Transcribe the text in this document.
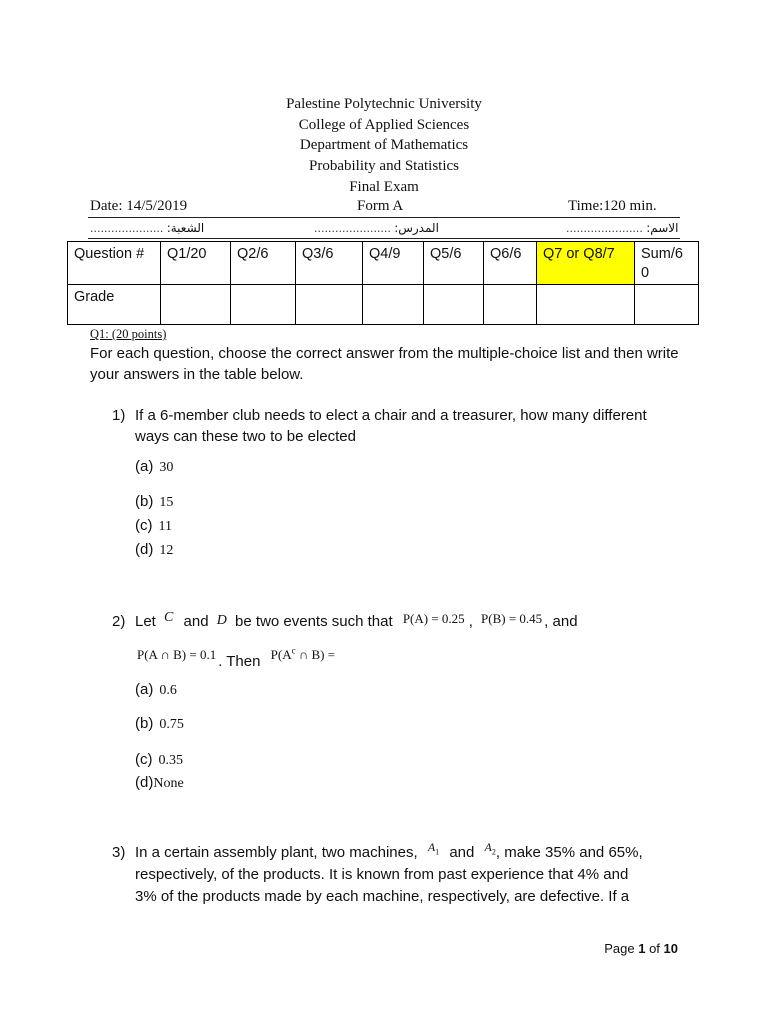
Palestine Polytechnic University
College of Applied Sciences
Department of Mathematics
Probability and Statistics
Final Exam
Date: 14/5/2019	Form A	Time:120 min.
الشعبة: .....................	المدرس: ......................	الاسم: ......................
Question #	Q1/20	Q2/6	Q3/6	Q4/9	Q5/6	Q6/6	Q7 or Q8/7	Sum/6
0
Grade								
Q1: (20 points)
For each question, choose the correct answer from the multiple-choice list and then write your answers in the table below.
1) If a 6-member club needs to elect a chair and a treasurer, how many different ways can these two to be elected
(a) 30
(b) 15
(c) 11
(d) 12
2) Let C and D be two events such that P(A) = 0.25 , P(B) = 0.45 , and
P(A ∩ B) = 0.1 . Then $P(A^c$ ∩ B) =
(a) 0.6
(b) 0.75
(c) 0.35
(d)None
3) In a certain assembly plant, two machines, $^{A_1}$ and $^{A_2}$, make 35% and 65%,
respectively, of the products. It is known from past experience that 4% and
3% of the products made by each machine, respectively, are defective. If a
Page 1 of 10
